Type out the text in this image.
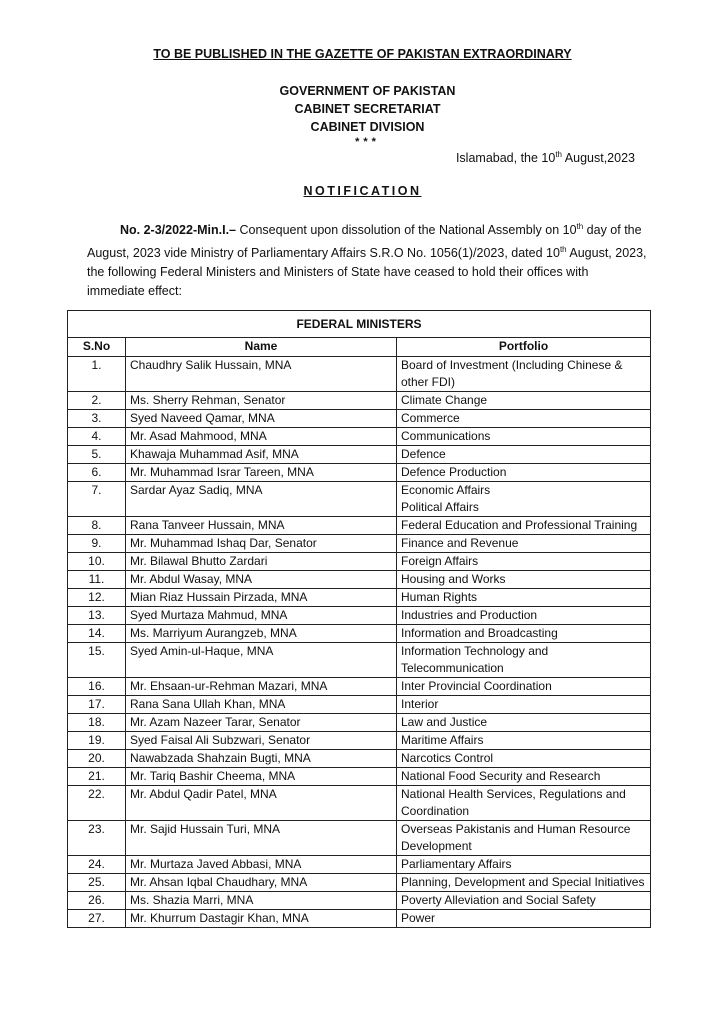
TO BE PUBLISHED IN THE GAZETTE OF PAKISTAN EXTRAORDINARY
GOVERNMENT OF PAKISTAN
CABINET SECRETARIAT
CABINET DIVISION
***
Islamabad, the 10th August,2023
NOTIFICATION
No. 2-3/2022-Min.I.– Consequent upon dissolution of the National Assembly on 10th day of the August, 2023 vide Ministry of Parliamentary Affairs S.R.O No. 1056(1)/2023, dated 10th August, 2023, the following Federal Ministers and Ministers of State have ceased to hold their offices with immediate effect:
FEDERAL MINISTERS		
S.No	Name	Portfolio
1.	Chaudhry Salik Hussain, MNA	Board of Investment (Including Chinese & other FDI)

2.	Ms. Sherry Rehman, Senator	Climate Change

3.	Syed Naveed Qamar, MNA	Commerce

4.	Mr. Asad Mahmood, MNA	Communications

5.	Khawaja Muhammad Asif, MNA	Defence

6.	Mr. Muhammad Israr Tareen, MNA	Defence Production

7.	Sardar Ayaz Sadiq, MNA	Economic Affairs
Political Affairs

8.	Rana Tanveer Hussain, MNA	Federal Education and Professional Training

9.	Mr. Muhammad Ishaq Dar, Senator	Finance and Revenue

10.	Mr. Bilawal Bhutto Zardari	Foreign Affairs

11.	Mr. Abdul Wasay, MNA	Housing and Works

12.	Mian Riaz Hussain Pirzada, MNA	Human Rights

13.	Syed Murtaza Mahmud, MNA	Industries and Production

14.	Ms. Marriyum Aurangzeb, MNA	Information and Broadcasting

15.	Syed Amin-ul-Haque, MNA	Information Technology and Telecommunication

16.	Mr. Ehsaan-ur-Rehman Mazari, MNA	Inter Provincial Coordination

17.	Rana Sana Ullah Khan, MNA	Interior

18.	Mr. Azam Nazeer Tarar, Senator	Law and Justice

19.	Syed Faisal Ali Subzwari, Senator	Maritime Affairs

20.	Nawabzada Shahzain Bugti, MNA	Narcotics Control

21.	Mr. Tariq Bashir Cheema, MNA	National Food Security and Research

22.	Mr. Abdul Qadir Patel, MNA	National Health Services, Regulations and Coordination

23.	Mr. Sajid Hussain Turi, MNA	Overseas Pakistanis and Human Resource Development

24.	Mr. Murtaza Javed Abbasi, MNA	Parliamentary Affairs

25.	Mr. Ahsan Iqbal Chaudhary, MNA	Planning, Development and Special Initiatives

26.	Ms. Shazia Marri, MNA	Poverty Alleviation and Social Safety

27.	Mr. Khurrum Dastagir Khan, MNA	Power
